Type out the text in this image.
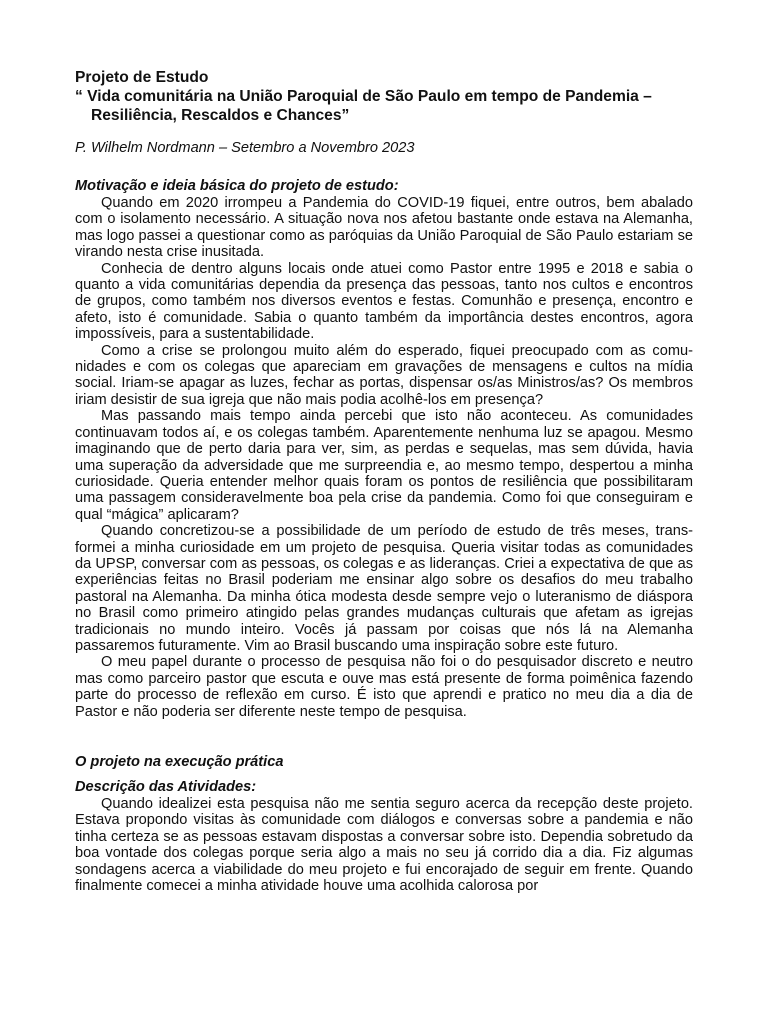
Projeto de Estudo
“ Vida comunitária na União Paroquial de São Paulo em tempo de Pandemia – Resiliência, Rescaldos e Chances”
P. Wilhelm Nordmann – Setembro a Novembro 2023
Motivação e ideia básica do projeto de estudo:

Quando em 2020 irrompeu a Pandemia do COVID-19 fiquei, entre outros, bem abalado com o isolamento necessário. A situação nova nos afetou bastante onde estava na Alemanha, mas logo passei a questionar como as paróquias da União Paroquial de São Paulo estariam se virando nesta crise inusitada.

Conhecia de dentro alguns locais onde atuei como Pastor entre 1995 e 2018 e sabia o quanto a vida comunitárias dependia da presença das pessoas, tanto nos cultos e encontros de grupos, como também nos diversos eventos e festas. Comunhão e presença, encontro e afeto, isto é comunidade. Sabia o quanto também da importância destes encontros, agora impossíveis, para a sustentabilidade.

Como a crise se prolongou muito além do esperado, fiquei preocupado com as comunidades e com os colegas que apareciam em gravações de mensagens e cultos na mídia social. Iriam-se apagar as luzes, fechar as portas, dispensar os/as Ministros/as? Os membros iriam desistir de sua igreja que não mais podia acolhê-los em presença?

Mas passando mais tempo ainda percebi que isto não aconteceu. As comunidades continuavam todos aí, e os colegas também. Aparentemente nenhuma luz se apagou. Mesmo imaginando que de perto daria para ver, sim, as perdas e sequelas, mas sem dúvida, havia uma superação da adversidade que me surpreendia e, ao mesmo tempo, despertou a minha curiosidade. Queria entender melhor quais foram os pontos de resiliência que possibilitaram uma passagem consideravelmente boa pela crise da pandemia. Como foi que conseguiram e qual “mágica” aplicaram?

Quando concretizou-se a possibilidade de um período de estudo de três meses, transformei a minha curiosidade em um projeto de pesquisa. Queria visitar todas as comunidades da UPSP, conversar com as pessoas, os colegas e as lideranças. Criei a expectativa de que as experiências feitas no Brasil poderiam me ensinar algo sobre os desafios do meu trabalho pastoral na Alemanha. Da minha ótica modesta desde sempre vejo o luteranismo de diáspora no Brasil como primeiro atingido pelas grandes mudanças culturais que afetam as igrejas tradicionais no mundo inteiro. Vocês já passam por coisas que nós lá na Alemanha passaremos futuramente. Vim ao Brasil buscando uma inspiração sobre este futuro.

O meu papel durante o processo de pesquisa não foi o do pesquisador discreto e neutro mas como parceiro pastor que escuta e ouve mas está presente de forma poimênica fazendo parte do processo de reflexão em curso. É isto que aprendi e pratico no meu dia a dia de Pastor e não poderia ser diferente neste tempo de pesquisa.

O projeto na execução prática
Descrição das Atividades:

Quando idealizei esta pesquisa não me sentia seguro acerca da recepção deste projeto. Estava propondo visitas às comunidade com diálogos e conversas sobre a pandemia e não tinha certeza se as pessoas estavam dispostas a conversar sobre isto. Dependia sobretudo da boa vontade dos colegas porque seria algo a mais no seu já corrido dia a dia. Fiz algumas sondagens acerca a viabilidade do meu projeto e fui encorajado de seguir em frente. Quando finalmente comecei a minha atividade houve uma acolhida calorosa por
